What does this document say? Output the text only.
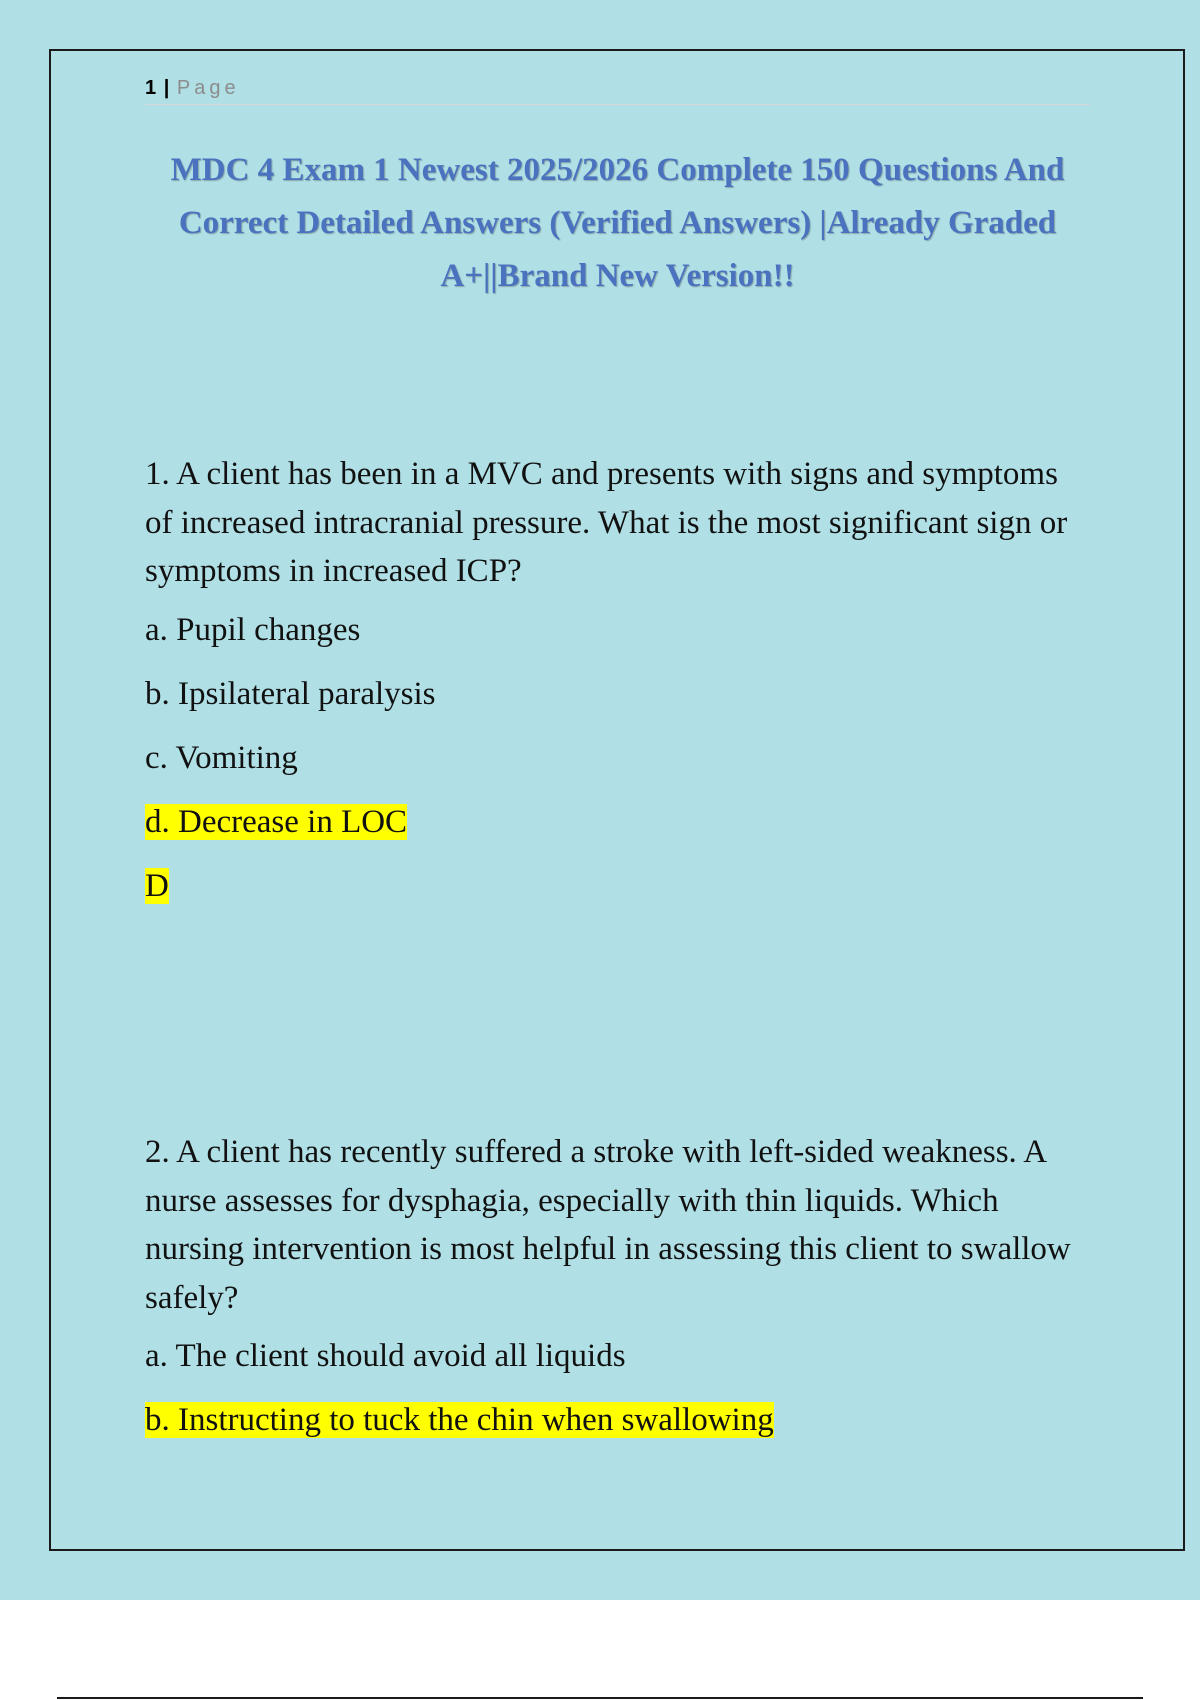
1 | Page
MDC 4 Exam 1 Newest 2025/2026 Complete 150 Questions And Correct Detailed Answers (Verified Answers) |Already Graded A+||Brand New Version!!

1. A client has been in a MVC and presents with signs and symptoms of increased intracranial pressure. What is the most significant sign or symptoms in increased ICP?

a. Pupil changes

b. Ipsilateral paralysis

c. Vomiting

d. Decrease in LOC

D

2. A client has recently suffered a stroke with left-sided weakness. A nurse assesses for dysphagia, especially with thin liquids. Which nursing intervention is most helpful in assessing this client to swallow safely?

a. The client should avoid all liquids

b. Instructing to tuck the chin when swallowing
